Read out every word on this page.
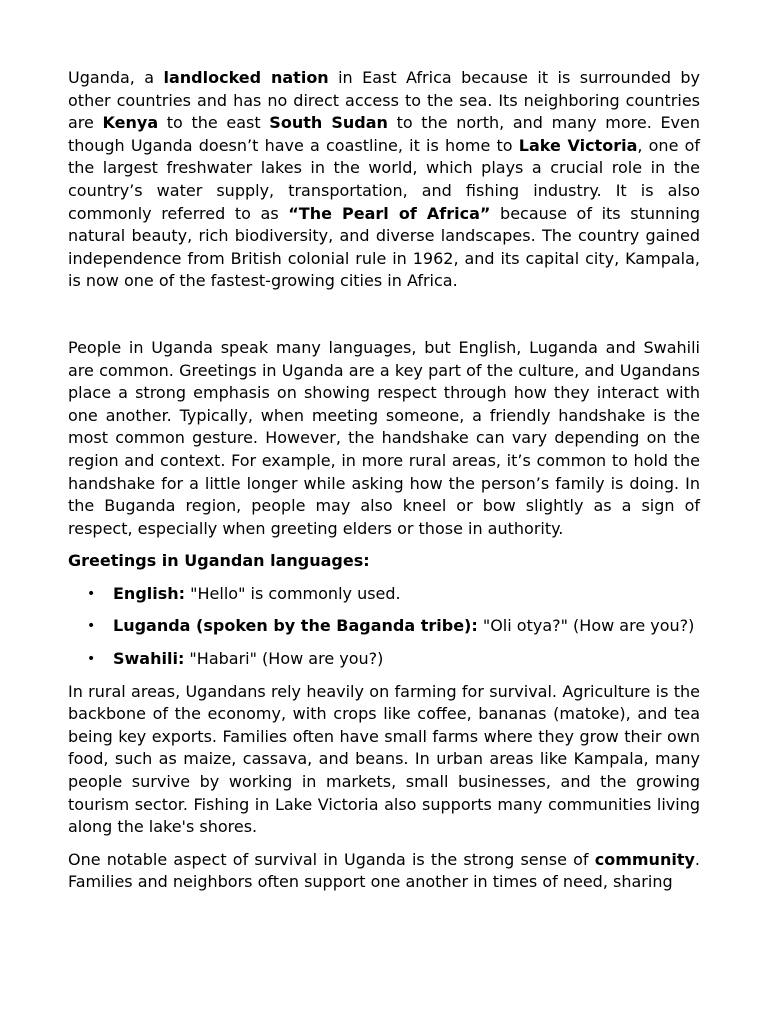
Uganda, a landlocked nation in East Africa because it is surrounded by other countries and has no direct access to the sea. Its neighboring countries are Kenya to the east South Sudan to the north, and many more. Even though Uganda doesn’t have a coastline, it is home to Lake Victoria, one of the largest freshwater lakes in the world, which plays a crucial role in the country’s water supply, transportation, and fishing industry. It is also commonly referred to as “The Pearl of Africa” because of its stunning natural beauty, rich biodiversity, and diverse landscapes. The country gained independence from British colonial rule in 1962, and its capital city, Kampala, is now one of the fastest-growing cities in Africa.

People in Uganda speak many languages, but English, Luganda and Swahili are common. Greetings in Uganda are a key part of the culture, and Ugandans place a strong emphasis on showing respect through how they interact with one another. Typically, when meeting someone, a friendly handshake is the most common gesture. However, the handshake can vary depending on the region and context. For example, in more rural areas, it’s common to hold the handshake for a little longer while asking how the person’s family is doing. In the Buganda region, people may also kneel or bow slightly as a sign of respect, especially when greeting elders or those in authority.

Greetings in Ugandan languages:

• English: "Hello" is commonly used.
• Luganda (spoken by the Baganda tribe): "Oli otya?" (How are you?)
• Swahili: "Habari" (How are you?)

In rural areas, Ugandans rely heavily on farming for survival. Agriculture is the backbone of the economy, with crops like coffee, bananas (matoke), and tea being key exports. Families often have small farms where they grow their own food, such as maize, cassava, and beans. In urban areas like Kampala, many people survive by working in markets, small businesses, and the growing tourism sector. Fishing in Lake Victoria also supports many communities living along the lake's shores.

One notable aspect of survival in Uganda is the strong sense of community. Families and neighbors often support one another in times of need, sharing
